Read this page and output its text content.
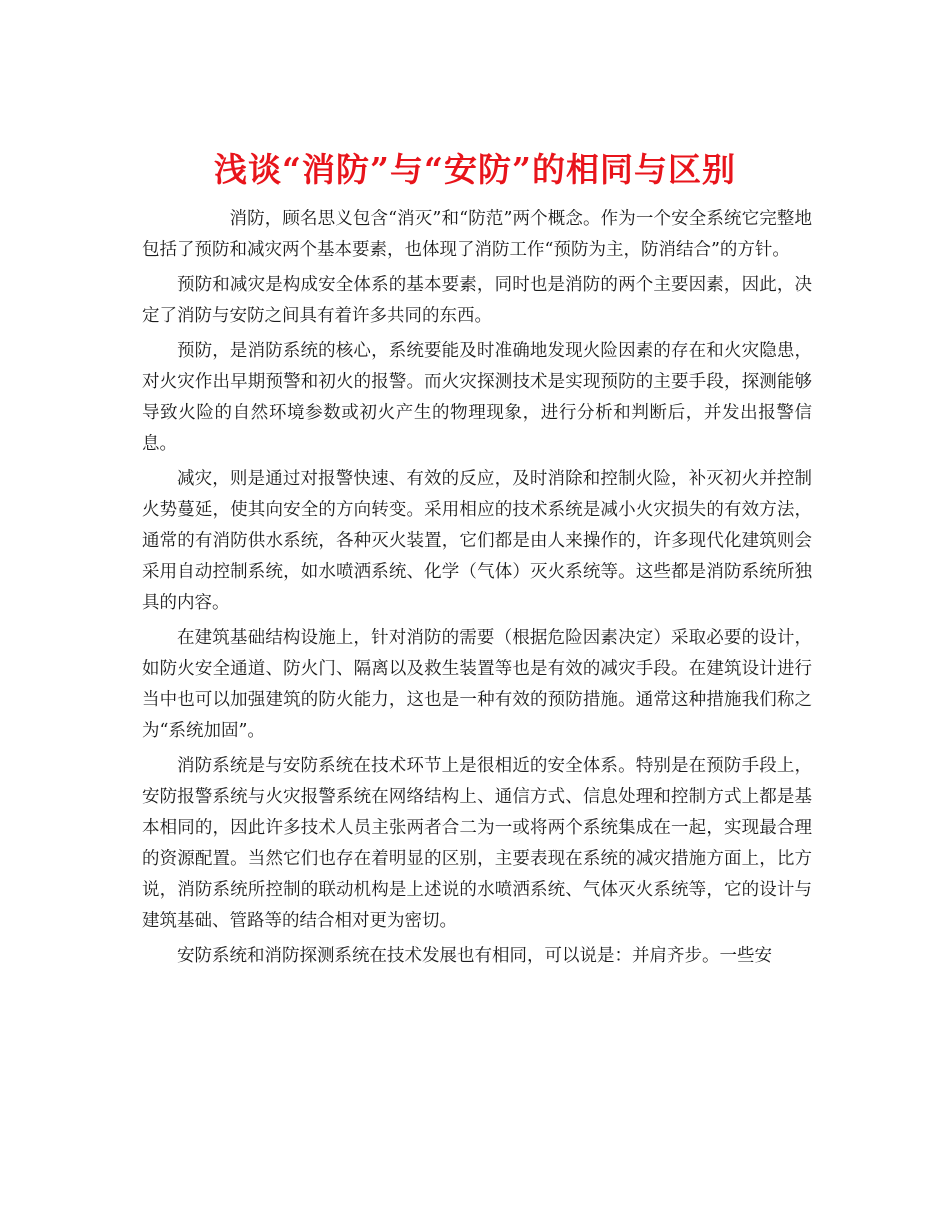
浅谈“消防”与“安防”的相同与区别

消防，顾名思义包含“消灭”和“防范”两个概念。作为一个安全系统它完整地包括了预防和减灾两个基本要素，也体现了消防工作“预防为主，防消结合”的方针。

预防和减灾是构成安全体系的基本要素，同时也是消防的两个主要因素，因此，决定了消防与安防之间具有着许多共同的东西。

预防，是消防系统的核心，系统要能及时准确地发现火险因素的存在和火灾隐患，对火灾作出早期预警和初火的报警。而火灾探测技术是实现预防的主要手段，探测能够导致火险的自然环境参数或初火产生的物理现象，进行分析和判断后，并发出报警信息。

减灾，则是通过对报警快速、有效的反应，及时消除和控制火险，补灭初火并控制火势蔓延，使其向安全的方向转变。采用相应的技术系统是减小火灾损失的有效方法，通常的有消防供水系统，各种灭火装置，它们都是由人来操作的，许多现代化建筑则会采用自动控制系统，如水喷洒系统、化学（气体）灭火系统等。这些都是消防系统所独具的内容。

在建筑基础结构设施上，针对消防的需要（根据危险因素决定）采取必要的设计，如防火安全通道、防火门、隔离以及救生装置等也是有效的减灾手段。在建筑设计进行当中也可以加强建筑的防火能力，这也是一种有效的预防措施。通常这种措施我们称之为“系统加固”。

消防系统是与安防系统在技术环节上是很相近的安全体系。特别是在预防手段上，安防报警系统与火灾报警系统在网络结构上、通信方式、信息处理和控制方式上都是基本相同的，因此许多技术人员主张两者合二为一或将两个系统集成在一起，实现最合理的资源配置。当然它们也存在着明显的区别，主要表现在系统的减灾措施方面上，比方说，消防系统所控制的联动机构是上述说的水喷洒系统、气体灭火系统等，它的设计与建筑基础、管路等的结合相对更为密切。

安防系统和消防探测系统在技术发展也有相同，可以说是：并肩齐步。一些安
